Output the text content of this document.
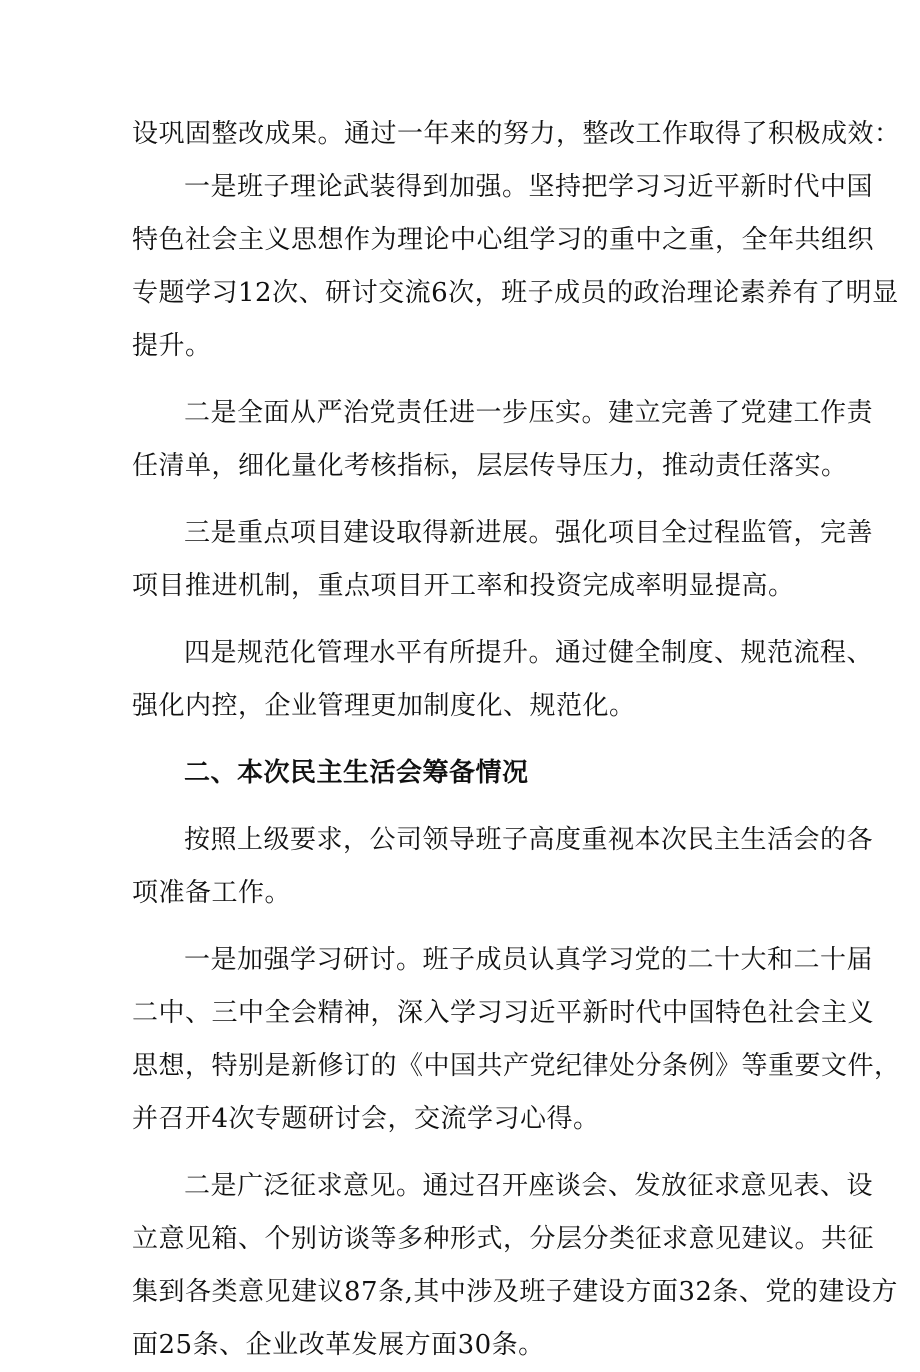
设巩固整改成果。通过一年来的努力，整改工作取得了积极成效：
一是班子理论武装得到加强。坚持把学习习近平新时代中国
特色社会主义思想作为理论中心组学习的重中之重，全年共组织
专题学习12次、研讨交流6次，班子成员的政治理论素养有了明显
提升。
二是全面从严治党责任进一步压实。建立完善了党建工作责
任清单，细化量化考核指标，层层传导压力，推动责任落实。
三是重点项目建设取得新进展。强化项目全过程监管，完善
项目推进机制，重点项目开工率和投资完成率明显提高。
四是规范化管理水平有所提升。通过健全制度、规范流程、
强化内控，企业管理更加制度化、规范化。
二、本次民主生活会筹备情况
按照上级要求，公司领导班子高度重视本次民主生活会的各
项准备工作。
一是加强学习研讨。班子成员认真学习党的二十大和二十届
二中、三中全会精神，深入学习习近平新时代中国特色社会主义
思想，特别是新修订的《中国共产党纪律处分条例》等重要文件，
并召开4次专题研讨会，交流学习心得。
二是广泛征求意见。通过召开座谈会、发放征求意见表、设
立意见箱、个别访谈等多种形式，分层分类征求意见建议。共征
集到各类意见建议87条,其中涉及班子建设方面32条、党的建设方
面25条、企业改革发展方面30条。
